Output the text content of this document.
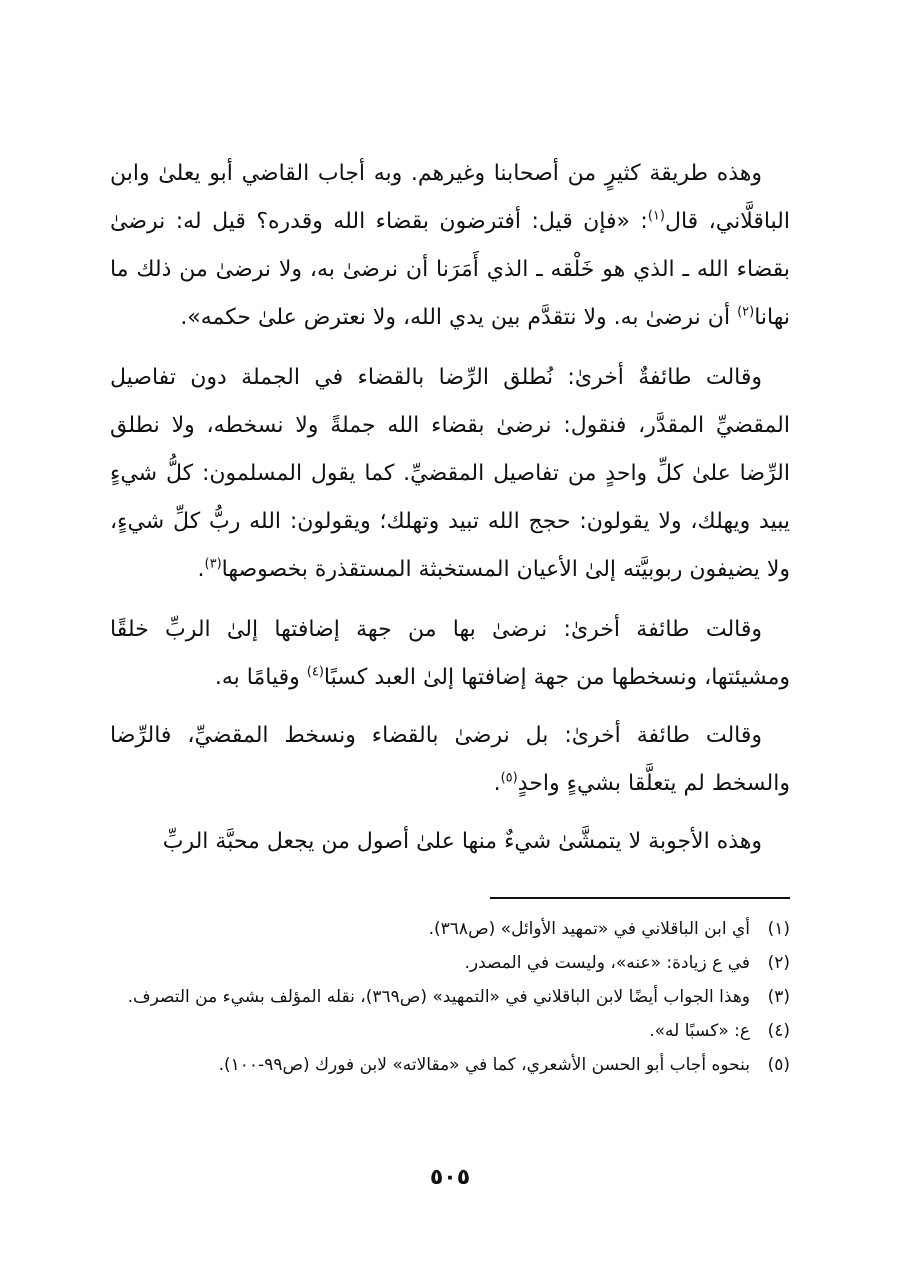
وهذه طريقة كثيرٍ من أصحابنا وغيرهم. وبه أجاب القاضي أبو يعلىٰ وابن الباقلَّاني، قال$^{(١)}$: «فإن قيل: أفترضون بقضاء الله وقدره؟ قيل له: نرضىٰ بقضاء الله ـ الذي هو خَلْقه ـ الذي أَمَرَنا أن نرضىٰ به، ولا نرضىٰ من ذلك ما نهانا$^{(٢)}$ أن نرضىٰ به. ولا نتقدَّم بين يدي الله، ولا نعترض علىٰ حكمه».

وقالت طائفةٌ أخرىٰ: نُطلق الرِّضا بالقضاء في الجملة دون تفاصيل المقضيِّ المقدَّر، فنقول: نرضىٰ بقضاء الله جملةً ولا نسخطه، ولا نطلق الرِّضا علىٰ كلِّ واحدٍ من تفاصيل المقضيِّ. كما يقول المسلمون: كلُّ شيءٍ يبيد ويهلك، ولا يقولون: حجج الله تبيد وتهلك؛ ويقولون: الله ربُّ كلِّ شيءٍ، ولا يضيفون ربوبيَّته إلىٰ الأعيان المستخبثة المستقذرة بخصوصها$^{(٣)}$.

وقالت طائفة أخرىٰ: نرضىٰ بها من جهة إضافتها إلىٰ الربِّ خلقًا ومشيئتها، ونسخطها من جهة إضافتها إلىٰ العبد كسبًا$^{(٤)}$ وقيامًا به.

وقالت طائفة أخرىٰ: بل نرضىٰ بالقضاء ونسخط المقضيِّ، فالرِّضا والسخط لم يتعلَّقا بشيءٍ واحدٍ$^{(٥)}$.

وهذه الأجوبة لا يتمشَّىٰ شيءٌ منها علىٰ أصول من يجعل محبَّة الربِّ

(١)
أي ابن الباقلاني في «تمهيد الأوائل» (ص٣٦٨).
(٢)
في ع زيادة: «عنه»، وليست في المصدر.
(٣)
وهذا الجواب أيضًا لابن الباقلاني في «التمهيد» (ص٣٦٩)، نقله المؤلف بشيء من التصرف.
(٤)
ع: «كسبًا له».
(٥)
بنحوه أجاب أبو الحسن الأشعري، كما في «مقالاته» لابن فورك (ص٩٩-١٠٠).
٥٠٥
